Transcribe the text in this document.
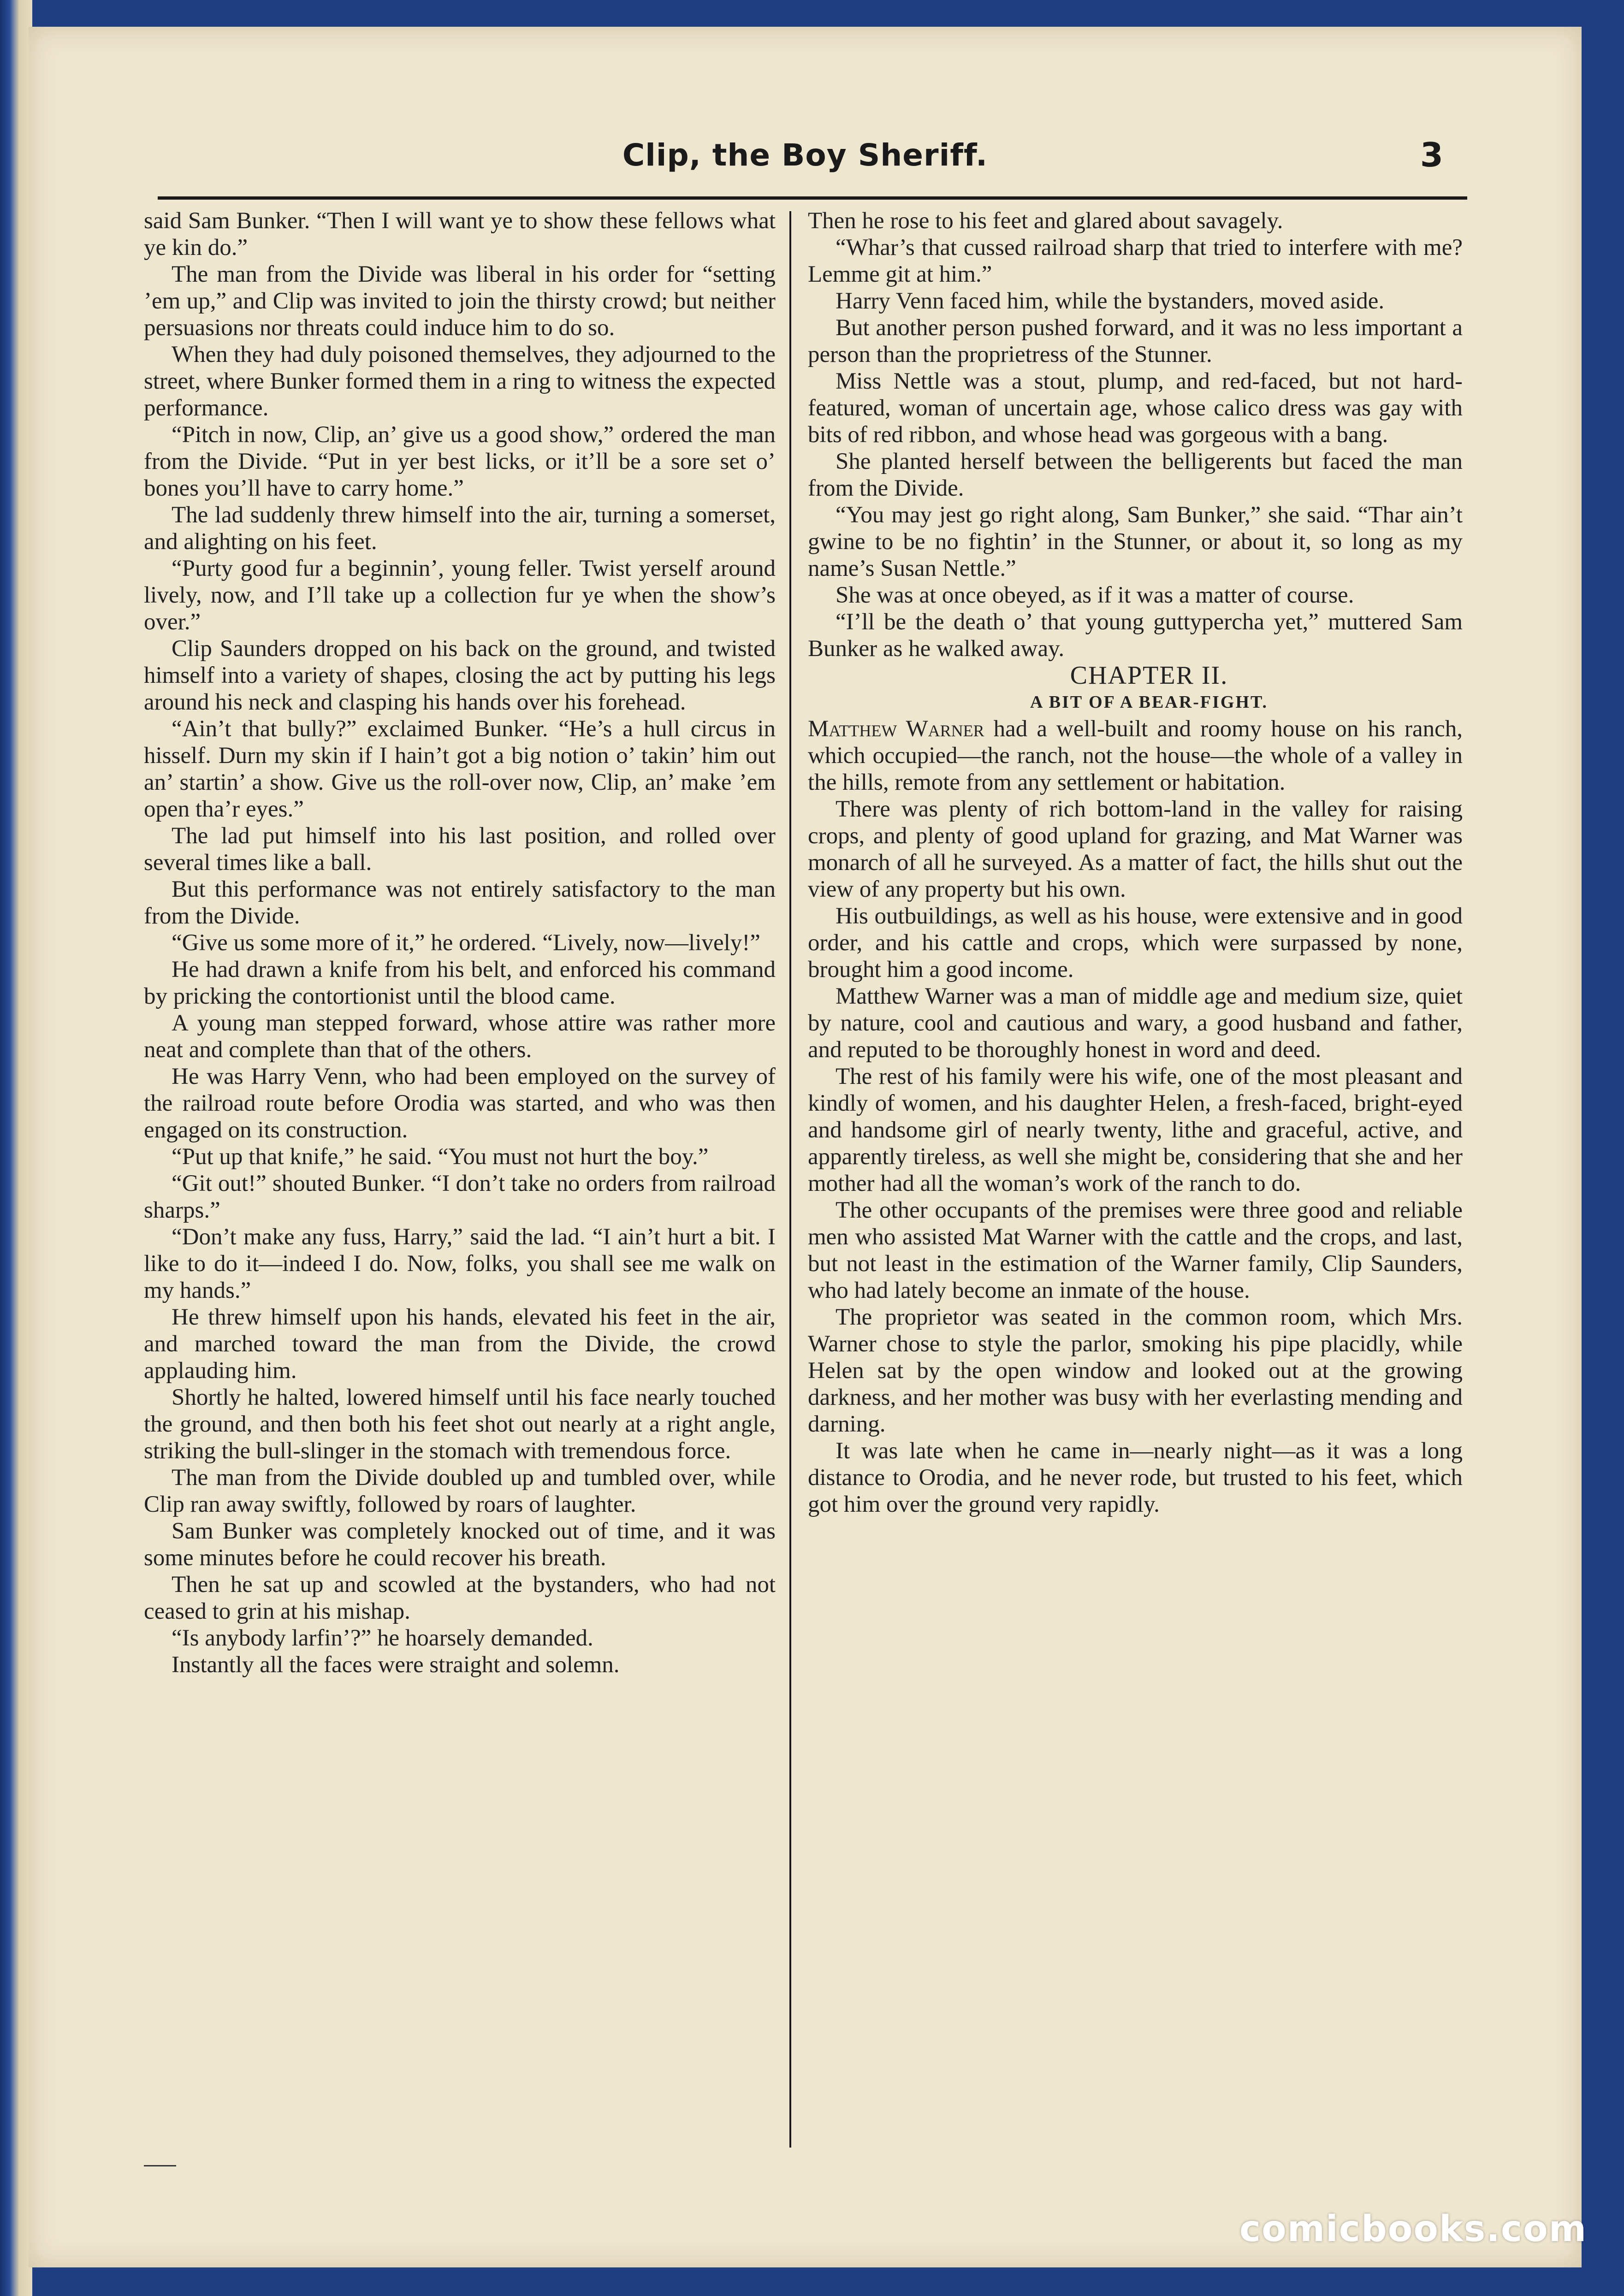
Clip, the Boy Sheriff.	3

said Sam Bunker. “Then I will want ye to show these fellows what ye kin do.”

The man from the Divide was liberal in his order for “setting ’em up,” and Clip was invited to join the thirsty crowd; but neither persuasions nor threats could induce him to do so.

When they had duly poisoned themselves, they adjourned to the street, where Bunker formed them in a ring to witness the expected performance.

“Pitch in now, Clip, an’ give us a good show,” ordered the man from the Divide. “Put in yer best licks, or it’ll be a sore set o’ bones you’ll have to carry home.”

The lad suddenly threw himself into the air, turning a somerset, and alighting on his feet.

“Purty good fur a beginnin’, young feller. Twist yerself around lively, now, and I’ll take up a collection fur ye when the show’s over.”

Clip Saunders dropped on his back on the ground, and twisted himself into a variety of shapes, closing the act by putting his legs around his neck and clasping his hands over his forehead.

“Ain’t that bully?” exclaimed Bunker. “He’s a hull circus in hisself. Durn my skin if I hain’t got a big notion o’ takin’ him out an’ startin’ a show. Give us the roll-over now, Clip, an’ make ’em open tha’r eyes.”

The lad put himself into his last position, and rolled over several times like a ball.

But this performance was not entirely satisfactory to the man from the Divide.

“Give us some more of it,” he ordered. “Lively, now—lively!”

He had drawn a knife from his belt, and enforced his command by pricking the contortionist until the blood came.

A young man stepped forward, whose attire was rather more neat and complete than that of the others.

He was Harry Venn, who had been employed on the survey of the railroad route before Orodia was started, and who was then engaged on its construction.

“Put up that knife,” he said. “You must not hurt the boy.”

“Git out!” shouted Bunker. “I don’t take no orders from railroad sharps.”

“Don’t make any fuss, Harry,” said the lad. “I ain’t hurt a bit. I like to do it—indeed I do. Now, folks, you shall see me walk on my hands.”

He threw himself upon his hands, elevated his feet in the air, and marched toward the man from the Divide, the crowd applauding him.

Shortly he halted, lowered himself until his face nearly touched the ground, and then both his feet shot out nearly at a right angle, striking the bull-slinger in the stomach with tremendous force.

The man from the Divide doubled up and tumbled over, while Clip ran away swiftly, followed by roars of laughter.

Sam Bunker was completely knocked out of time, and it was some minutes before he could recover his breath.

Then he sat up and scowled at the bystanders, who had not ceased to grin at his mishap.

“Is anybody larfin’?” he hoarsely demanded.

Instantly all the faces were straight and solemn.

Then he rose to his feet and glared about savagely.

“Whar’s that cussed railroad sharp that tried to interfere with me? Lemme git at him.”

Harry Venn faced him, while the bystanders, moved aside.

But another person pushed forward, and it was no less important a person than the proprietress of the Stunner.

Miss Nettle was a stout, plump, and red-faced, but not hard-featured, woman of uncertain age, whose calico dress was gay with bits of red ribbon, and whose head was gorgeous with a bang.

She planted herself between the belligerents but faced the man from the Divide.

“You may jest go right along, Sam Bunker,” she said. “Thar ain’t gwine to be no fightin’ in the Stunner, or about it, so long as my name’s Susan Nettle.”

She was at once obeyed, as if it was a matter of course.

“I’ll be the death o’ that young guttypercha yet,” muttered Sam Bunker as he walked away.

CHAPTER II.

A BIT OF A BEAR-FIGHT.

Matthew Warner had a well-built and roomy house on his ranch, which occupied—the ranch, not the house—the whole of a valley in the hills, remote from any settlement or habitation.

There was plenty of rich bottom-land in the valley for raising crops, and plenty of good upland for grazing, and Mat Warner was monarch of all he surveyed. As a matter of fact, the hills shut out the view of any property but his own.

His outbuildings, as well as his house, were extensive and in good order, and his cattle and crops, which were surpassed by none, brought him a good income.

Matthew Warner was a man of middle age and medium size, quiet by nature, cool and cautious and wary, a good husband and father, and reputed to be thoroughly honest in word and deed.

The rest of his family were his wife, one of the most pleasant and kindly of women, and his daughter Helen, a fresh-faced, bright-eyed and handsome girl of nearly twenty, lithe and graceful, active, and apparently tireless, as well she might be, considering that she and her mother had all the woman’s work of the ranch to do.

The other occupants of the premises were three good and reliable men who assisted Mat Warner with the cattle and the crops, and last, but not least in the estimation of the Warner family, Clip Saunders, who had lately become an inmate of the house.

The proprietor was seated in the common room, which Mrs. Warner chose to style the parlor, smoking his pipe placidly, while Helen sat by the open window and looked out at the growing darkness, and her mother was busy with her everlasting mending and darning.

It was late when he came in—nearly night—as it was a long distance to Orodia, and he never rode, but trusted to his feet, which got him over the ground very rapidly.

comicbooks.com
